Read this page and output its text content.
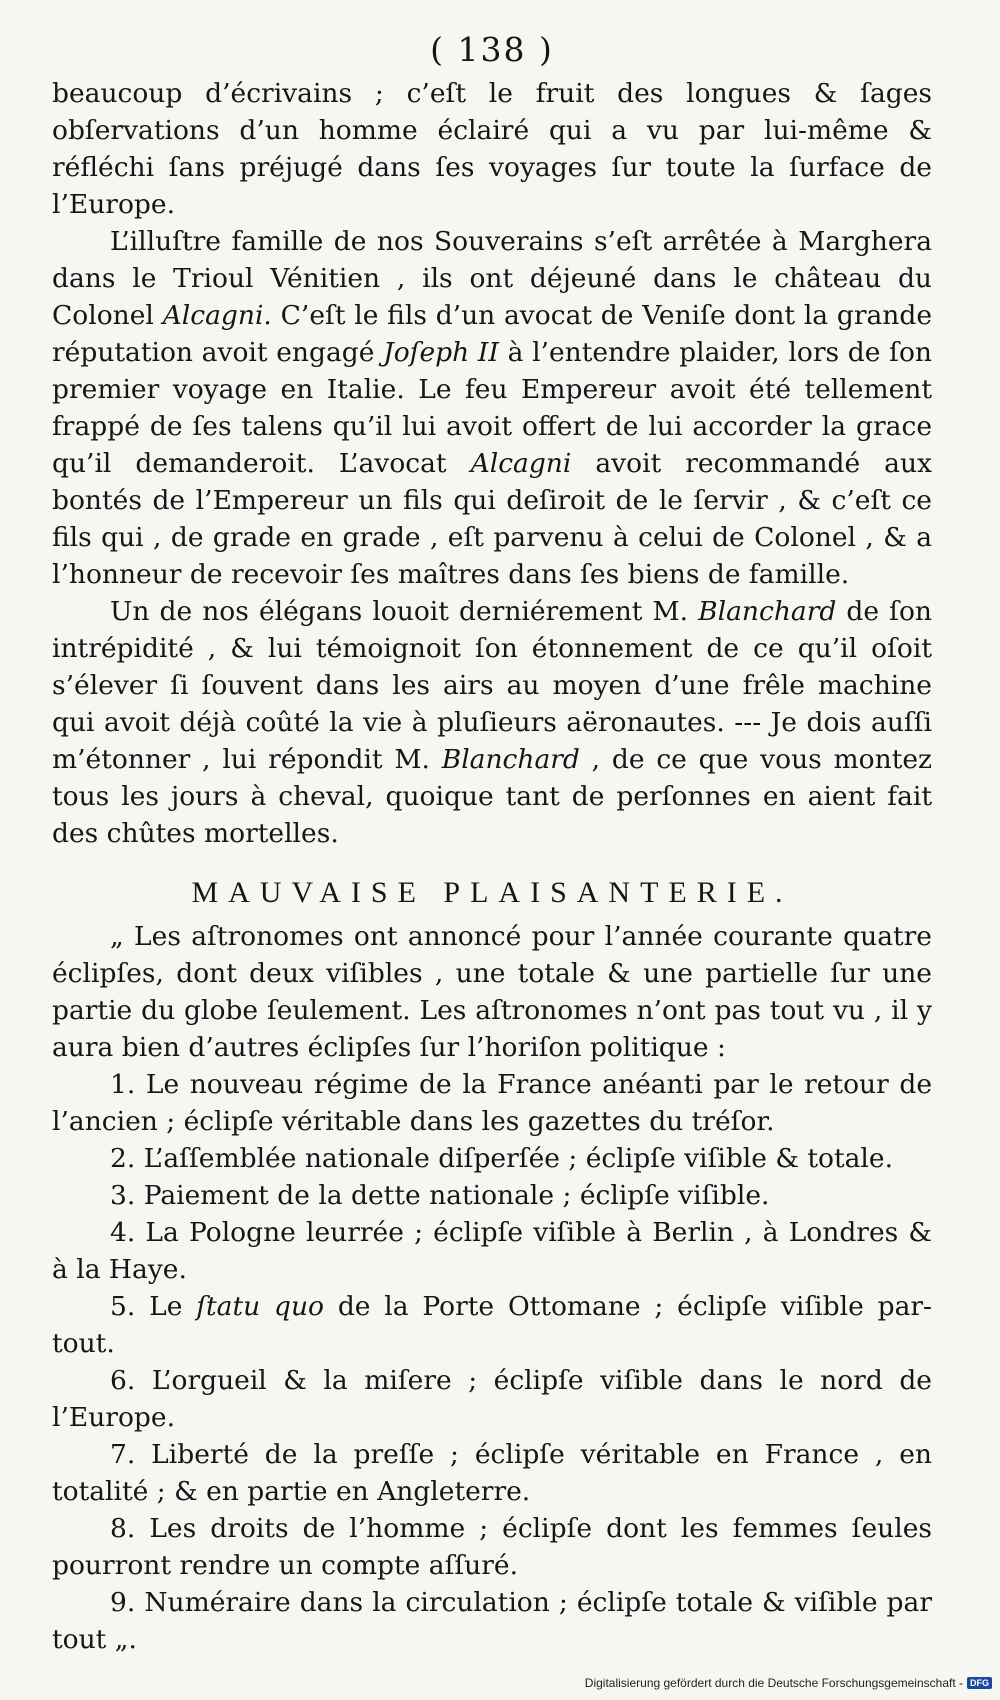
( 138 )

beaucoup d’écrivains ; c’eſt le fruit des longues & ſages obſervations d’un homme éclairé qui a vu par lui-même & réfléchi ſans préjugé dans ſes voyages ſur toute la ſurface de l’Europe.

L’illuſtre famille de nos Souverains s’eſt arrêtée à Marghera dans le Trioul Vénitien , ils ont déjeuné dans le château du Colonel Alcagni. C’eſt le fils d’un avocat de Veniſe dont la grande réputation avoit engagé Joſeph II à l’entendre plaider, lors de ſon premier voyage en Italie. Le feu Empereur avoit été tellement frappé de ſes talens qu’il lui avoit offert de lui accorder la grace qu’il demanderoit. L’avocat Alcagni avoit recommandé aux bontés de l’Empereur un fils qui deſiroit de le ſervir , & c’eſt ce fils qui , de grade en grade , eſt parvenu à celui de Colonel , & a l’honneur de recevoir ſes maîtres dans ſes biens de famille.

Un de nos élégans louoit derniérement M. Blanchard de ſon intrépidité , & lui témoignoit ſon étonnement de ce qu’il oſoit s’élever ſi ſouvent dans les airs au moyen d’une frêle machine qui avoit déjà coûté la vie à pluſieurs aëronautes. --- Je dois auſſi m’étonner , lui répondit M. Blanchard , de ce que vous montez tous les jours à cheval, quoique tant de perſonnes en aient fait des chûtes mortelles.

MAUVAISE PLAISANTERIE.

„ Les aſtronomes ont annoncé pour l’année courante quatre éclipſes, dont deux viſibles , une totale & une partielle ſur une partie du globe ſeulement. Les aſtronomes n’ont pas tout vu , il y aura bien d’autres éclipſes ſur l’horiſon politique :

1. Le nouveau régime de la France anéanti par le retour de l’ancien ; éclipſe véritable dans les gazettes du tréſor.

2. L’aſſemblée nationale diſperſée ; éclipſe viſible & totale.

3. Paiement de la dette nationale ; éclipſe viſible.

4. La Pologne leurrée ; éclipſe viſible à Berlin , à Londres & à la Haye.

5. Le ſtatu quo de la Porte Ottomane ; éclipſe viſible par-tout.

6. L’orgueil & la miſere ; éclipſe viſible dans le nord de l’Europe.

7. Liberté de la preſſe ; éclipſe véritable en France , en totalité ; & en partie en Angleterre.

8. Les droits de l’homme ; éclipſe dont les femmes ſeules pourront rendre un compte aſſuré.

9. Numéraire dans la circulation ; éclipſe totale & viſible par tout „.

Digitalisierung gefördert durch die Deutsche Forschungsgemeinschaft - DFG
